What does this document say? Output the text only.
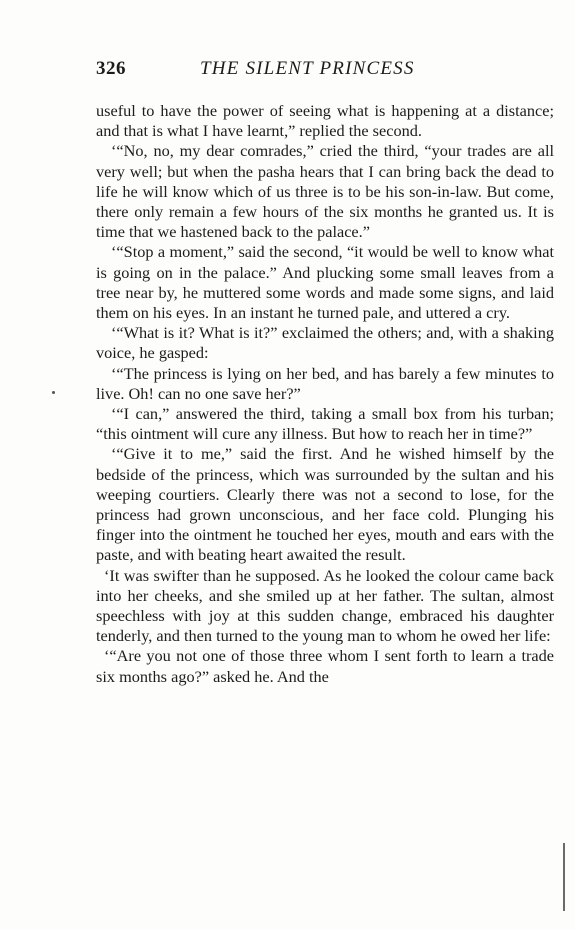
326	THE SILENT PRINCESS

useful to have the power of seeing what is happening at a distance; and that is what I have learnt,” replied the second.

‘“No, no, my dear comrades,” cried the third, “your trades are all very well; but when the pasha hears that I can bring back the dead to life he will know which of us three is to be his son-in-law. But come, there only remain a few hours of the six months he granted us. It is time that we hastened back to the palace.”

‘“Stop a moment,” said the second, “it would be well to know what is going on in the palace.” And plucking some small leaves from a tree near by, he muttered some words and made some signs, and laid them on his eyes. In an instant he turned pale, and uttered a cry.

‘“What is it? What is it?” exclaimed the others; and, with a shaking voice, he gasped:

‘“The princess is lying on her bed, and has barely a few minutes to live. Oh! can no one save her?”

‘“I can,” answered the third, taking a small box from his turban; “this ointment will cure any illness. But how to reach her in time?”

‘“Give it to me,” said the first. And he wished himself by the bedside of the princess, which was surrounded by the sultan and his weeping courtiers. Clearly there was not a second to lose, for the princess had grown unconscious, and her face cold. Plunging his finger into the ointment he touched her eyes, mouth and ears with the paste, and with beating heart awaited the result.

‘It was swifter than he supposed. As he looked the colour came back into her cheeks, and she smiled up at her father. The sultan, almost speechless with joy at this sudden change, embraced his daughter tenderly, and then turned to the young man to whom he owed her life:

‘“Are you not one of those three whom I sent forth to learn a trade six months ago?” asked he. And the
